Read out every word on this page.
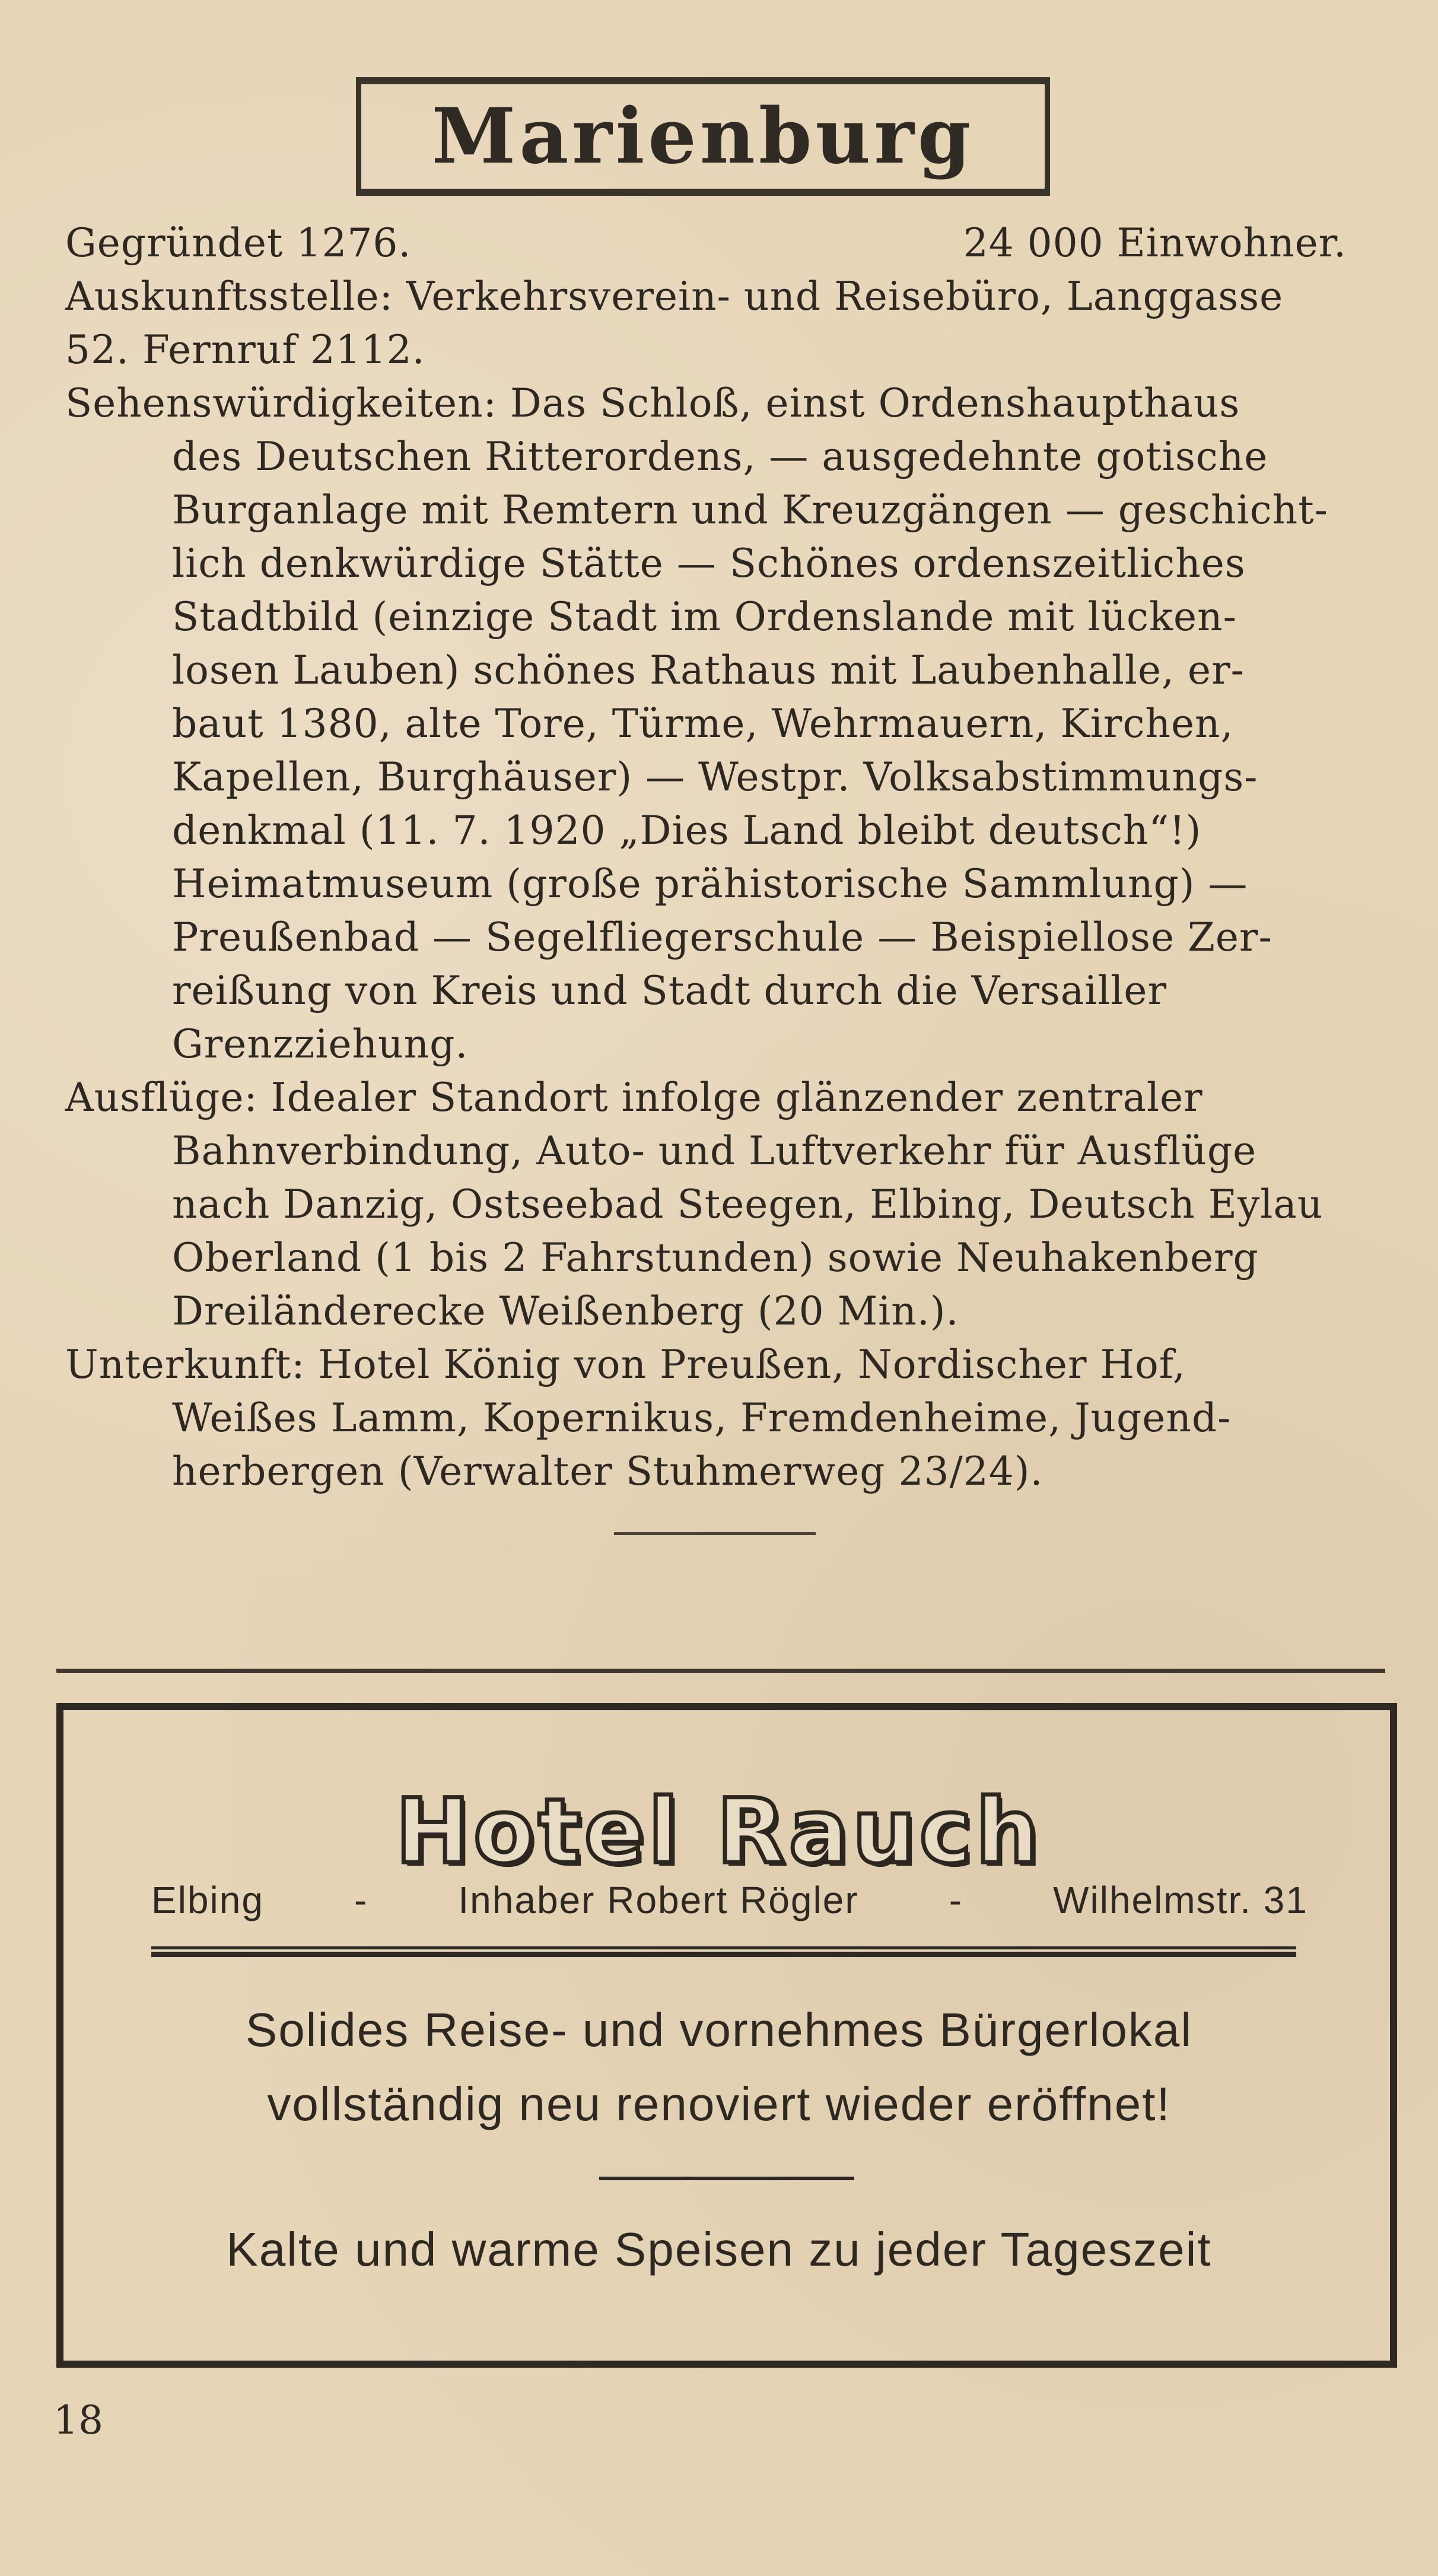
Marienburg
Gegründet 1276.	24 000 Einwohner.
Auskunftsstelle: Verkehrsverein- und Reisebüro, Langgasse
52. Fernruf 2112.
Sehenswürdigkeiten: Das Schloß, einst Ordenshaupthaus
des Deutschen Ritterordens, — ausgedehnte gotische
Burganlage mit Remtern und Kreuzgängen — geschicht-
lich denkwürdige Stätte — Schönes ordenszeitliches
Stadtbild (einzige Stadt im Ordenslande mit lücken-
losen Lauben) schönes Rathaus mit Laubenhalle, er-
baut 1380, alte Tore, Türme, Wehrmauern, Kirchen,
Kapellen, Burghäuser) — Westpr. Volksabstimmungs-
denkmal (11. 7. 1920 „Dies Land bleibt deutsch“!)
Heimatmuseum (große prähistorische Sammlung) —
Preußenbad — Segelfliegerschule — Beispiellose Zer-
reißung von Kreis und Stadt durch die Versailler
Grenzziehung.
Ausflüge: Idealer Standort infolge glänzender zentraler
Bahnverbindung, Auto- und Luftverkehr für Ausflüge
nach Danzig, Ostseebad Steegen, Elbing, Deutsch Eylau
Oberland (1 bis 2 Fahrstunden) sowie Neuhakenberg
Dreiländerecke Weißenberg (20 Min.).
Unterkunft: Hotel König von Preußen, Nordischer Hof,
Weißes Lamm, Kopernikus, Fremdenheime, Jugend-
herbergen (Verwalter Stuhmerweg 23/24).
Hotel Rauch
Elbing - Inhaber Robert Rögler - Wilhelmstr. 31
Solides Reise- und vornehmes Bürgerlokal
vollständig neu renoviert wieder eröffnet!
Kalte und warme Speisen zu jeder Tageszeit
18
